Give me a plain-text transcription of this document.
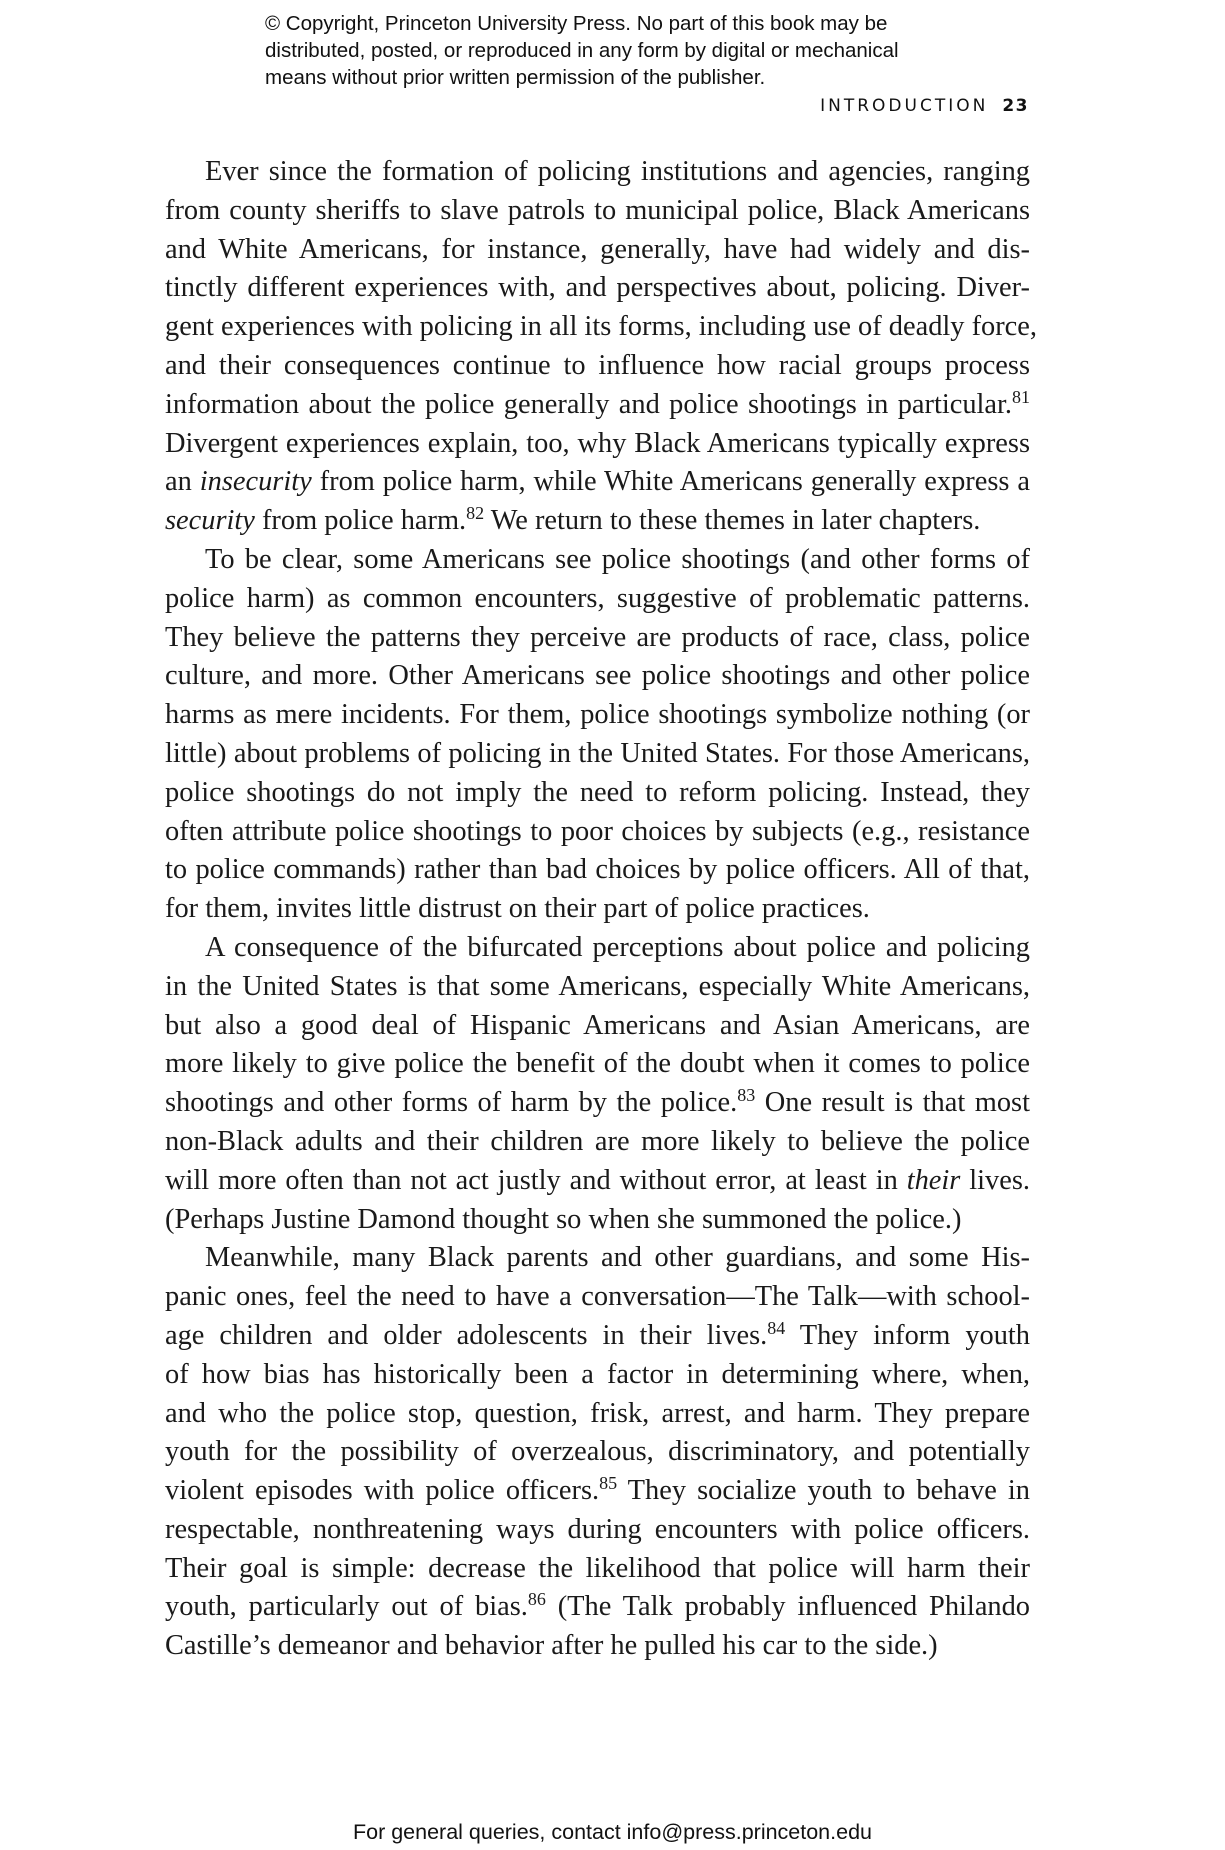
© Copyright, Princeton University Press. No part of this book may be
distributed, posted, or reproduced in any form by digital or mechanical
means without prior written permission of the publisher.
INTRODUCTION 23
Ever since the formation of policing institutions and agencies, ranging
from county sheriffs to slave patrols to municipal police, Black Americans
and White Americans, for instance, generally, have had widely and dis-
tinctly different experiences with, and perspectives about, policing. Diver-
gent experiences with policing in all its forms, including use of deadly force,
and their consequences continue to influence how racial groups process
information about the police generally and police shootings in particular.$^{81}$
Divergent experiences explain, too, why Black Americans typically express
an insecurity from police harm, while White Americans generally express a
security from police harm.$^{82}$ We return to these themes in later chapters.
To be clear, some Americans see police shootings (and other forms of
police harm) as common encounters, suggestive of problematic patterns.
They believe the patterns they perceive are products of race, class, police
culture, and more. Other Americans see police shootings and other police
harms as mere incidents. For them, police shootings symbolize nothing (or
little) about problems of policing in the United States. For those Americans,
police shootings do not imply the need to reform policing. Instead, they
often attribute police shootings to poor choices by subjects (e.g., resistance
to police commands) rather than bad choices by police officers. All of that,
for them, invites little distrust on their part of police practices.
A consequence of the bifurcated perceptions about police and policing
in the United States is that some Americans, especially White Americans,
but also a good deal of Hispanic Americans and Asian Americans, are
more likely to give police the benefit of the doubt when it comes to police
shootings and other forms of harm by the police.$^{83}$ One result is that most
non-Black adults and their children are more likely to believe the police
will more often than not act justly and without error, at least in their lives.
(Perhaps Justine Damond thought so when she summoned the police.)
Meanwhile, many Black parents and other guardians, and some His-
panic ones, feel the need to have a conversation—The Talk—with school-
age children and older adolescents in their lives.$^{84}$ They inform youth
of how bias has historically been a factor in determining where, when,
and who the police stop, question, frisk, arrest, and harm. They prepare
youth for the possibility of overzealous, discriminatory, and potentially
violent episodes with police officers.$^{85}$ They socialize youth to behave in
respectable, nonthreatening ways during encounters with police officers.
Their goal is simple: decrease the likelihood that police will harm their
youth, particularly out of bias.$^{86}$ (The Talk probably influenced Philando
Castille’s demeanor and behavior after he pulled his car to the side.)
For general queries, contact info@press.princeton.edu
